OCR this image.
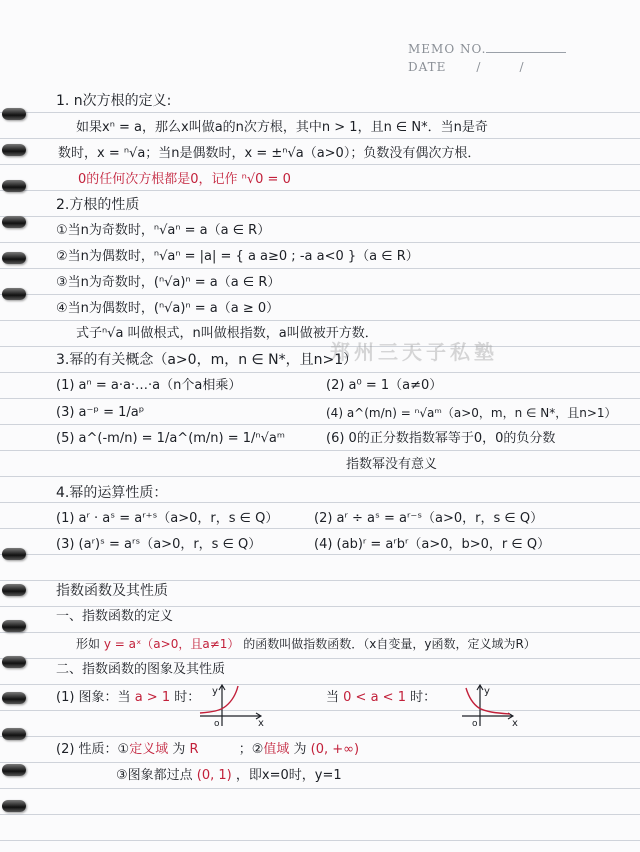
MEMO NO.
DATE	/	/
郑州三天子私塾
1. n次方根的定义:
如果xⁿ = a，那么x叫做a的n次方根，其中n > 1，且n ∈ N*．当n是奇
数时，x = ⁿ√a；当n是偶数时，x = ±ⁿ√a（a>0）；负数没有偶次方根．
0的任何次方根都是0，记作 ⁿ√0 = 0
2.方根的性质
①当n为奇数时，ⁿ√aⁿ = a（a ∈ R）
②当n为偶数时，ⁿ√aⁿ = |a| = { a a≥0 ; -a a<0 }（a ∈ R）
③当n为奇数时，(ⁿ√a)ⁿ = a（a ∈ R）
④当n为偶数时，(ⁿ√a)ⁿ = a（a ≥ 0）
式子ⁿ√a 叫做根式，n叫做根指数，a叫做被开方数．
3.幂的有关概念（a>0，m，n ∈ N*，且n>1）
(1) aⁿ = a·a·…·a（n个a相乘）	(2) a⁰ = 1（a≠0）
(3) a⁻ᵖ = 1/aᵖ	(4) a^(m/n) = ⁿ√aᵐ（a>0，m，n ∈ N*，且n>1）
(5) a^(-m/n) = 1/a^(m/n) = 1/ⁿ√aᵐ	(6) 0的正分数指数幂等于0，0的负分数
指数幂没有意义
4.幂的运算性质：
(1) aʳ · aˢ = aʳ⁺ˢ（a>0，r，s ∈ Q）	(2) aʳ ÷ aˢ = aʳ⁻ˢ（a>0，r，s ∈ Q）
(3) (aʳ)ˢ = aʳˢ（a>0，r，s ∈ Q）	(4) (ab)ʳ = aʳbʳ（a>0，b>0，r ∈ Q）
指数函数及其性质
一、指数函数的定义
形如 y = aˣ（a>0，且a≠1） 的函数叫做指数函数．（x自变量，y函数，定义域为R）
二、指数函数的图象及其性质
(1) 图象：当 a > 1 时：	当 0 < a < 1 时：
y
x
o
y
x
o
(2) 性质：①定义域 为 R	；②值域 为 (0, +∞)
③图象都过点 (0, 1) ，即x=0时，y=1
